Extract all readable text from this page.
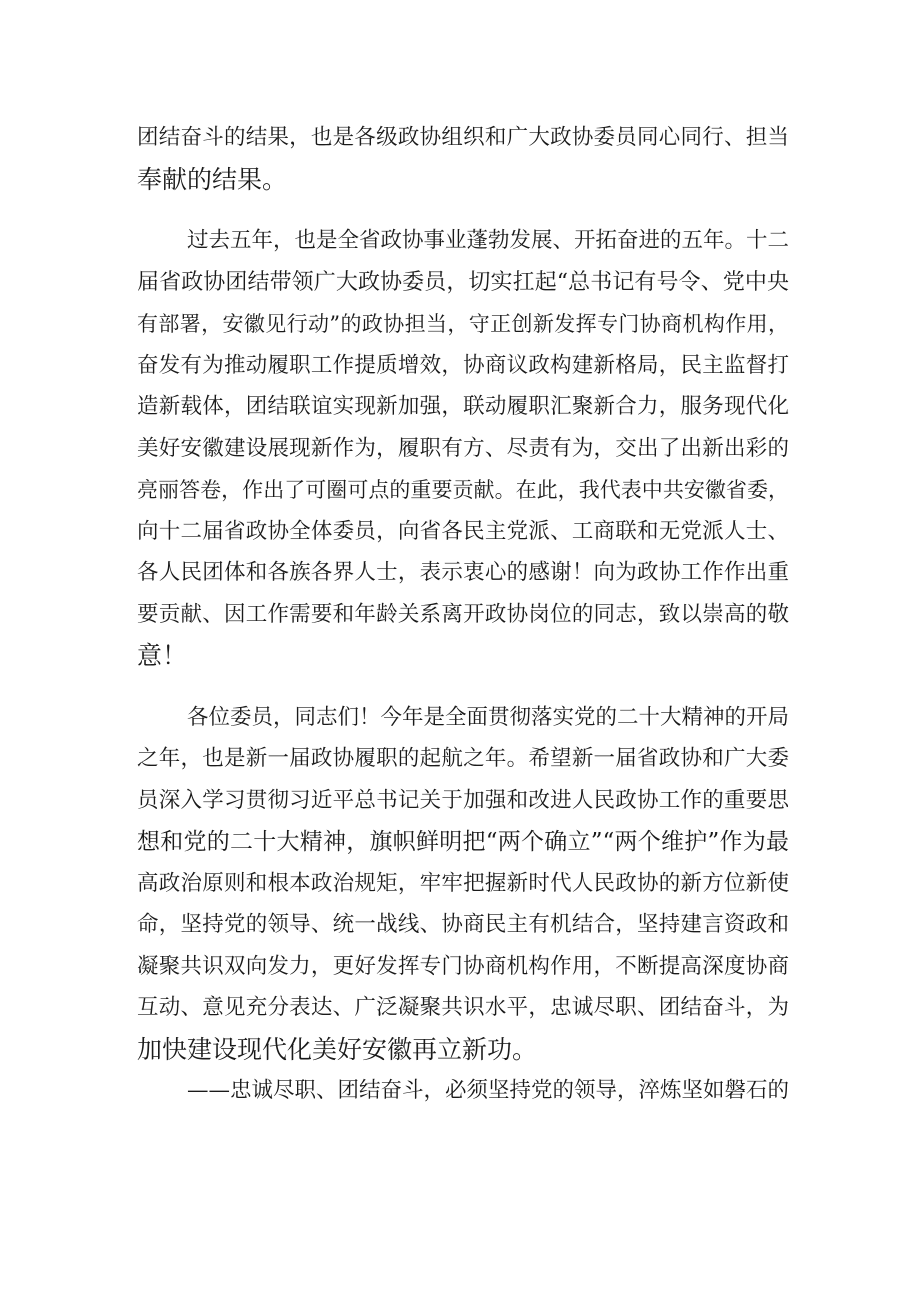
团结奋斗的结果，也是各级政协组织和广大政协委员同心同行、担当
奉献的结果。
过去五年，也是全省政协事业蓬勃发展、开拓奋进的五年。十二
届省政协团结带领广大政协委员，切实扛起“总书记有号令、党中央
有部署，安徽见行动”的政协担当，守正创新发挥专门协商机构作用，
奋发有为推动履职工作提质增效，协商议政构建新格局，民主监督打
造新载体，团结联谊实现新加强，联动履职汇聚新合力，服务现代化
美好安徽建设展现新作为，履职有方、尽责有为，交出了出新出彩的
亮丽答卷，作出了可圈可点的重要贡献。在此，我代表中共安徽省委，
向十二届省政协全体委员，向省各民主党派、工商联和无党派人士、
各人民团体和各族各界人士，表示衷心的感谢！向为政协工作作出重
要贡献、因工作需要和年龄关系离开政协岗位的同志，致以崇高的敬
意！
各位委员，同志们！今年是全面贯彻落实党的二十大精神的开局
之年，也是新一届政协履职的起航之年。希望新一届省政协和广大委
员深入学习贯彻习近平总书记关于加强和改进人民政协工作的重要思
想和党的二十大精神，旗帜鲜明把“两个确立”“两个维护”作为最
高政治原则和根本政治规矩，牢牢把握新时代人民政协的新方位新使
命，坚持党的领导、统一战线、协商民主有机结合，坚持建言资政和
凝聚共识双向发力，更好发挥专门协商机构作用，不断提高深度协商
互动、意见充分表达、广泛凝聚共识水平，忠诚尽职、团结奋斗，为
加快建设现代化美好安徽再立新功。
——忠诚尽职、团结奋斗，必须坚持党的领导，淬炼坚如磐石的
